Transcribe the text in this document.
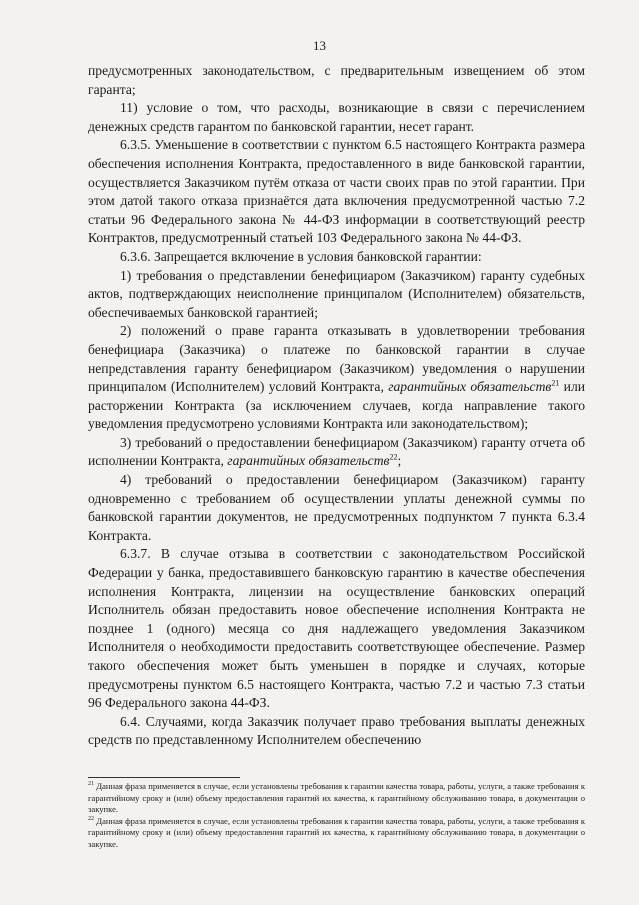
13

предусмотренных законодательством, с предварительным извещением об этом гаранта;

11) условие о том, что расходы, возникающие в связи с перечислением денежных средств гарантом по банковской гарантии, несет гарант.

6.3.5. Уменьшение в соответствии с пунктом 6.5 настоящего Контракта размера обеспечения исполнения Контракта, предоставленного в виде банковской гарантии, осуществляется Заказчиком путём отказа от части своих прав по этой гарантии. При этом датой такого отказа признаётся дата включения предусмотренной частью 7.2 статьи 96 Федерального закона № 44-ФЗ информации в соответствующий реестр Контрактов, предусмотренный статьей 103 Федерального закона № 44-ФЗ.

6.3.6. Запрещается включение в условия банковской гарантии:

1) требования о представлении бенефициаром (Заказчиком) гаранту судебных актов, подтверждающих неисполнение принципалом (Исполнителем) обязательств, обеспечиваемых банковской гарантией;

2) положений о праве гаранта отказывать в удовлетворении требования бенефициара (Заказчика) о платеже по банковской гарантии в случае непредставления гаранту бенефициаром (Заказчиком) уведомления о нарушении принципалом (Исполнителем) условий Контракта, гарантийных обязательств$^{21}$ или расторжении Контракта (за исключением случаев, когда направление такого уведомления предусмотрено условиями Контракта или законодательством);

3) требований о предоставлении бенефициаром (Заказчиком) гаранту отчета об исполнении Контракта, гарантийных обязательств$^{22}$;

4) требований о предоставлении бенефициаром (Заказчиком) гаранту одновременно с требованием об осуществлении уплаты денежной суммы по банковской гарантии документов, не предусмотренных подпунктом 7 пункта 6.3.4 Контракта.

6.3.7. В случае отзыва в соответствии с законодательством Российской Федерации у банка, предоставившего банковскую гарантию в качестве обеспечения исполнения Контракта, лицензии на осуществление банковских операций Исполнитель обязан предоставить новое обеспечение исполнения Контракта не позднее 1 (одного) месяца со дня надлежащего уведомления Заказчиком Исполнителя о необходимости предоставить соответствующее обеспечение. Размер такого обеспечения может быть уменьшен в порядке и случаях, которые предусмотрены пунктом 6.5 настоящего Контракта, частью 7.2 и частью 7.3 статьи 96 Федерального закона 44-ФЗ.

6.4. Случаями, когда Заказчик получает право требования выплаты денежных средств по представленному Исполнителем обеспечению

$^{21}$ Данная фраза применяется в случае, если установлены требования к гарантии качества товара, работы, услуги, а также требования к гарантийному сроку и (или) объему предоставления гарантий их качества, к гарантийному обслуживанию товара, в документации о закупке.

$^{22}$ Данная фраза применяется в случае, если установлены требования к гарантии качества товара, работы, услуги, а также требования к гарантийному сроку и (или) объему предоставления гарантий их качества, к гарантийному обслуживанию товара, в документации о закупке.
